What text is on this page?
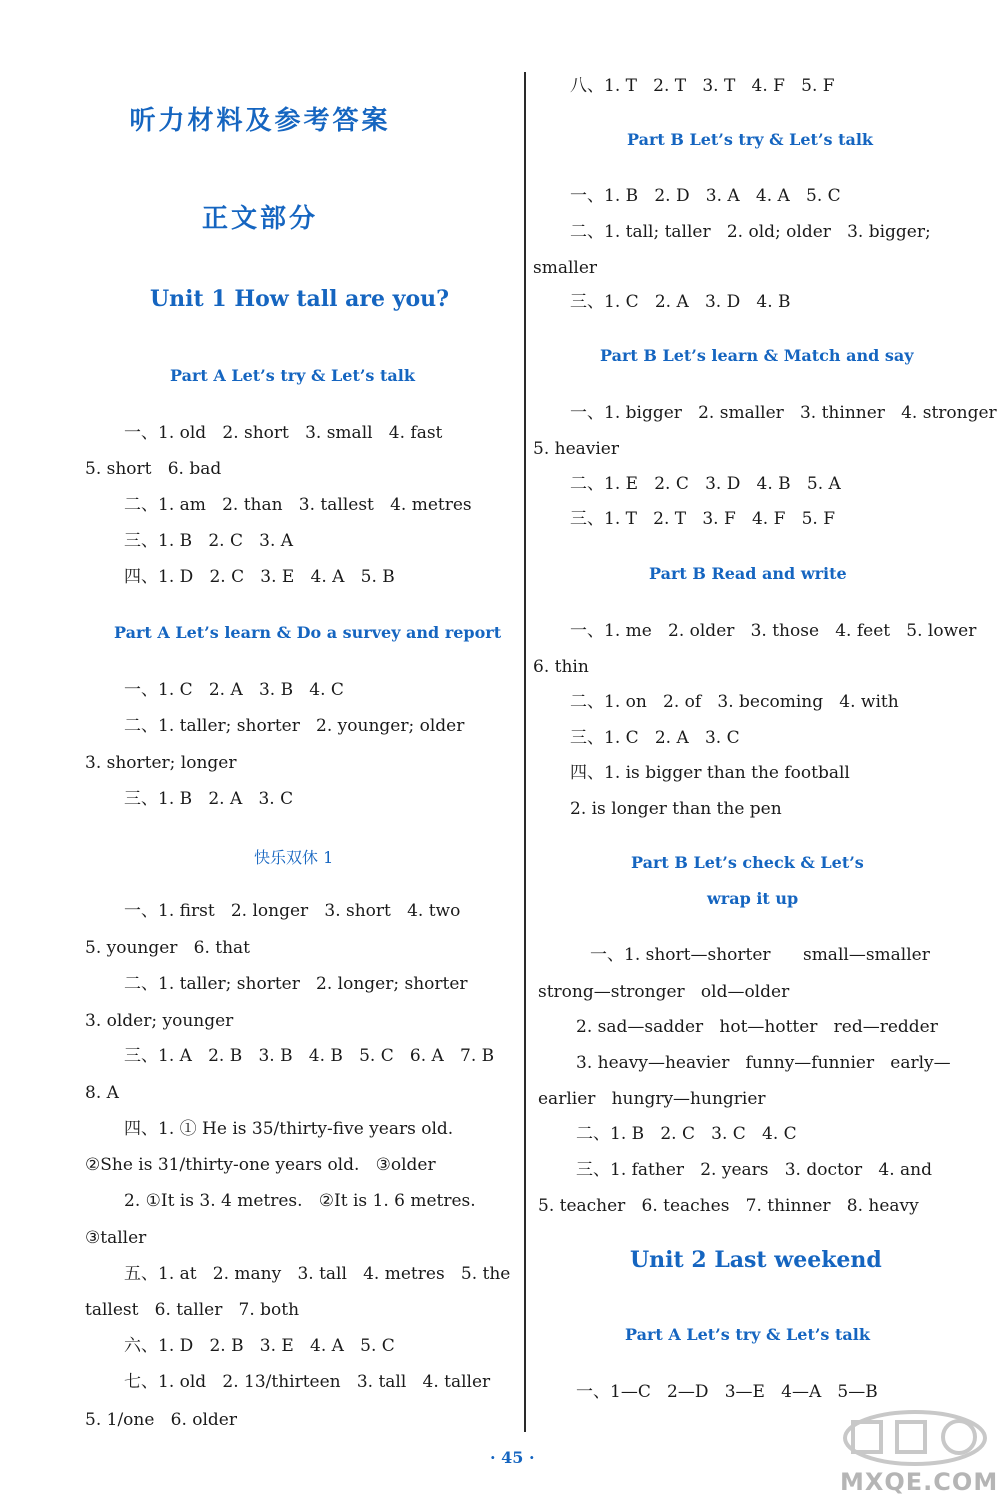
听力材料及参考答案
正文部分
Unit 1 How tall are you?
Part A Let’s try & Let’s talk
一、1. old   2. short   3. small   4. fast
5. short   6. bad
二、1. am   2. than   3. tallest   4. metres
三、1. B   2. C   3. A
四、1. D   2. C   3. E   4. A   5. B
Part A Let’s learn & Do a survey and report
一、1. C   2. A   3. B   4. C
二、1. taller; shorter   2. younger; older
3. shorter; longer
三、1. B   2. A   3. C
快乐双休 1
一、1. first   2. longer   3. short   4. two
5. younger   6. that
二、1. taller; shorter   2. longer; shorter
3. older; younger
三、1. A   2. B   3. B   4. B   5. C   6. A   7. B
8. A
四、1. ① He is 35/thirty-five years old.
②She is 31/thirty-one years old.   ③older
2. ①It is 3. 4 metres.   ②It is 1. 6 metres.
③taller
五、1. at   2. many   3. tall   4. metres   5. the
tallest   6. taller   7. both
六、1. D   2. B   3. E   4. A   5. C
七、1. old   2. 13/thirteen   3. tall   4. taller
5. 1/one   6. older
八、1. T   2. T   3. T   4. F   5. F
Part B Let’s try & Let’s talk
一、1. B   2. D   3. A   4. A   5. C
二、1. tall; taller   2. old; older   3. bigger;
smaller
三、1. C   2. A   3. D   4. B
Part B Let’s learn & Match and say
一、1. bigger   2. smaller   3. thinner   4. stronger
5. heavier
二、1. E   2. C   3. D   4. B   5. A
三、1. T   2. T   3. F   4. F   5. F
Part B Read and write
一、1. me   2. older   3. those   4. feet   5. lower
6. thin
二、1. on   2. of   3. becoming   4. with
三、1. C   2. A   3. C
四、1. is bigger than the football
2. is longer than the pen
Part B Let’s check & Let’s
wrap it up
一、1. short—shorter      small—smaller
strong—stronger   old—older
2. sad—sadder   hot—hotter   red—redder
3. heavy—heavier   funny—funnier   early—
earlier   hungry—hungrier
二、1. B   2. C   3. C   4. C
三、1. father   2. years   3. doctor   4. and
5. teacher   6. teaches   7. thinner   8. heavy
Unit 2 Last weekend
Part A Let’s try & Let’s talk
一、1—C   2—D   3—E   4—A   5—B
· 45 ·
MXQE.COM
